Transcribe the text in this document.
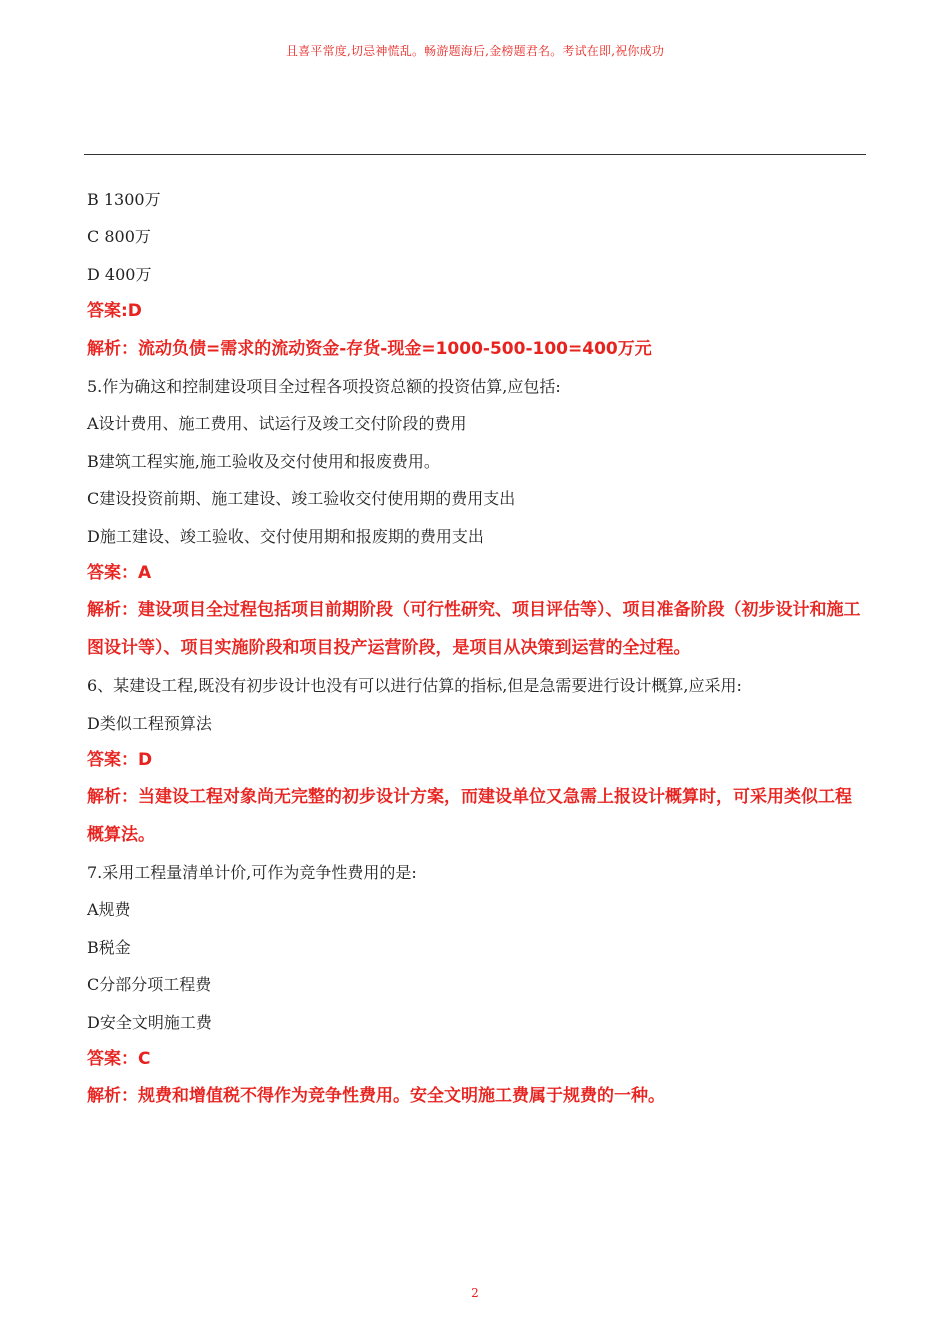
且喜平常度,切忌神慌乱。畅游题海后,金榜题君名。考试在即,祝你成功
B 1300万
C 800万
D 400万
答案:D
解析：流动负债=需求的流动资金-存货-现金=1000-500-100=400万元
5.作为确这和控制建设项目全过程各项投资总额的投资估算,应包括:
A设计费用、施工费用、试运行及竣工交付阶段的费用
B建筑工程实施,施工验收及交付使用和报废费用。
C建设投资前期、施工建设、竣工验收交付使用期的费用支出
D施工建设、竣工验收、交付使用期和报废期的费用支出
答案：A
解析：建设项目全过程包括项目前期阶段（可行性研究、项目评估等）、项目准备阶段（初步设计和施工图设计等）、项目实施阶段和项目投产运营阶段，是项目从决策到运营的全过程。
6、某建设工程,既没有初步设计也没有可以进行估算的指标,但是急需要进行设计概算,应采用:
D类似工程预算法
答案：D
解析：当建设工程对象尚无完整的初步设计方案，而建设单位又急需上报设计概算时，可采用类似工程概算法。
7.采用工程量清单计价,可作为竞争性费用的是:
A规费
B税金
C分部分项工程费
D安全文明施工费
答案：C
解析：规费和增值税不得作为竞争性费用。安全文明施工费属于规费的一种。
2
